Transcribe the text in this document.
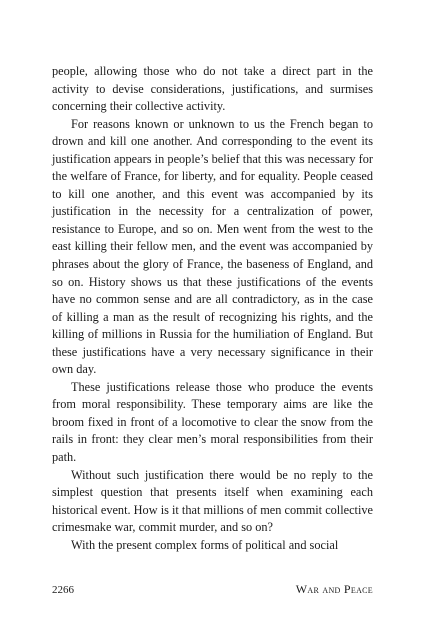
people, allowing those who do not take a direct part in the activity to devise considerations, justifications, and surmises concerning their collective activity.

For reasons known or unknown to us the French began to drown and kill one another. And corresponding to the event its justification appears in people’s belief that this was necessary for the welfare of France, for liberty, and for equality. People ceased to kill one another, and this event was accompanied by its justification in the necessity for a centralization of power, resistance to Europe, and so on. Men went from the west to the east killing their fellow men, and the event was accompanied by phrases about the glory of France, the baseness of England, and so on. History shows us that these justifications of the events have no common sense and are all contradictory, as in the case of killing a man as the result of recognizing his rights, and the killing of millions in Russia for the humiliation of England. But these justifications have a very necessary significance in their own day.

These justifications release those who produce the events from moral responsibility. These temporary aims are like the broom fixed in front of a locomotive to clear the snow from the rails in front: they clear men’s moral responsibilities from their path.

Without such justification there would be no reply to the simplest question that presents itself when examining each historical event. How is it that millions of men commit collective crimesmake war, commit murder, and so on?

With the present complex forms of political and social

2266	War and Peace
